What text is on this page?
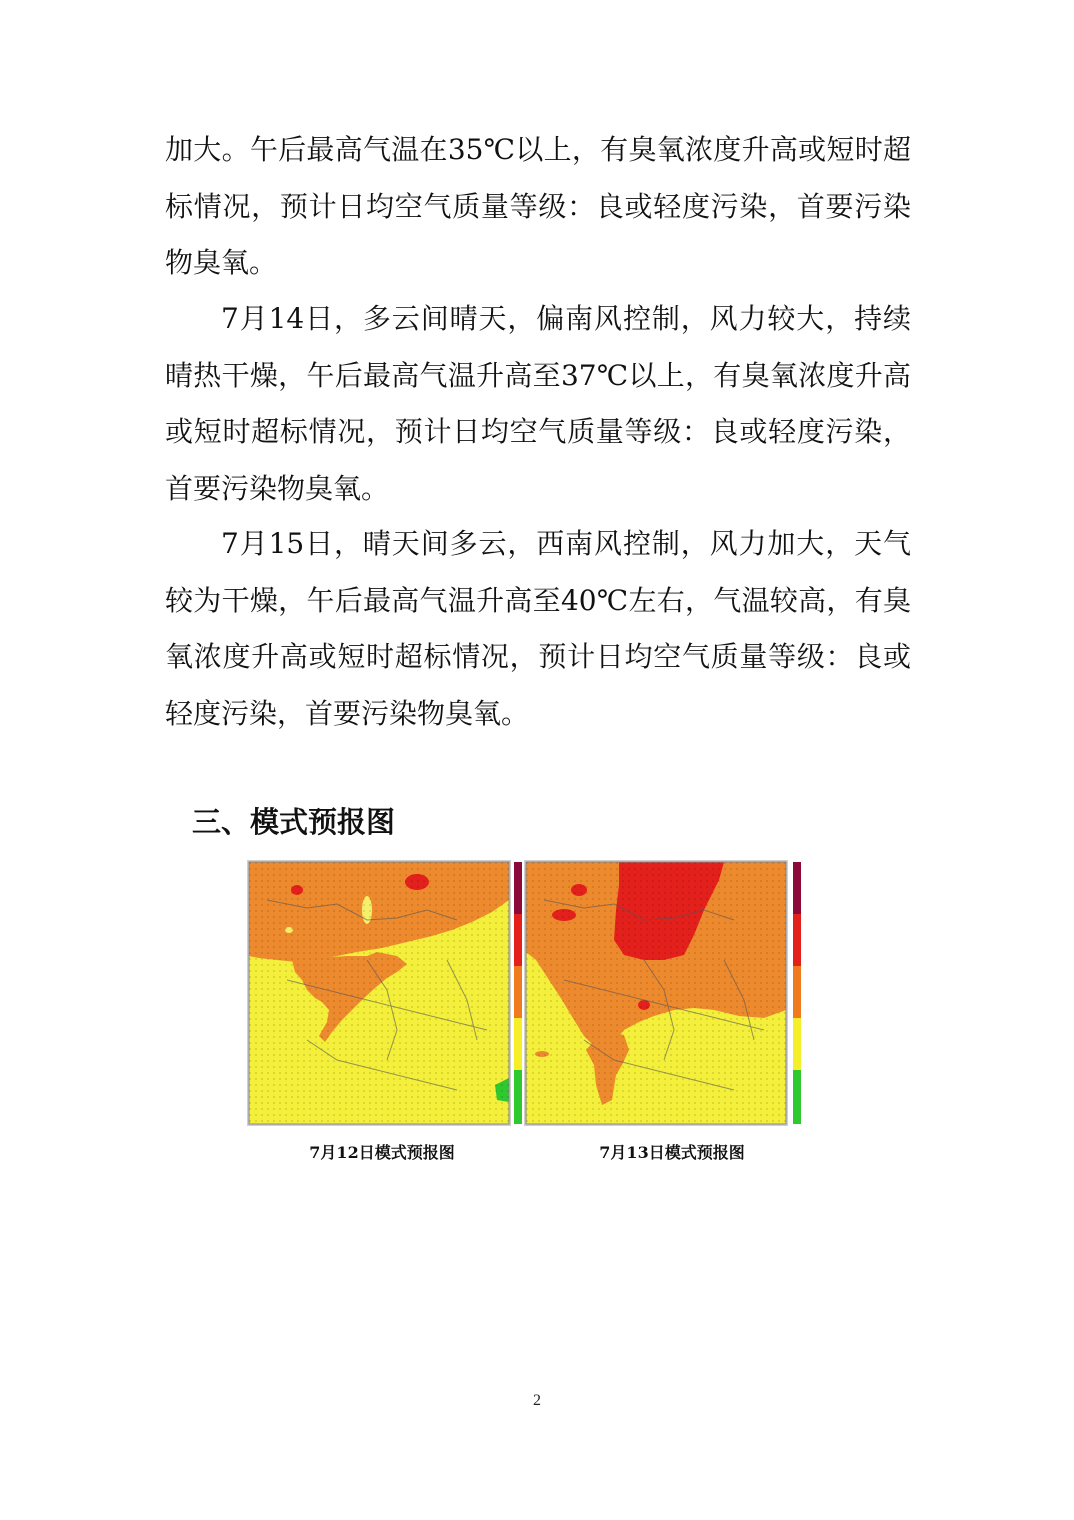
加大。午后最高气温在35℃以上，有臭氧浓度升高或短时超标情况，预计日均空气质量等级：良或轻度污染，首要污染物臭氧。

7月14日，多云间晴天，偏南风控制，风力较大，持续晴热干燥，午后最高气温升高至37℃以上，有臭氧浓度升高或短时超标情况，预计日均空气质量等级：良或轻度污染，首要污染物臭氧。

7月15日，晴天间多云，西南风控制，风力加大，天气较为干燥，午后最高气温升高至40℃左右，气温较高，有臭氧浓度升高或短时超标情况，预计日均空气质量等级：良或轻度污染，首要污染物臭氧。

三、模式预报图
7月12日模式预报图	7月13日模式预报图
2
